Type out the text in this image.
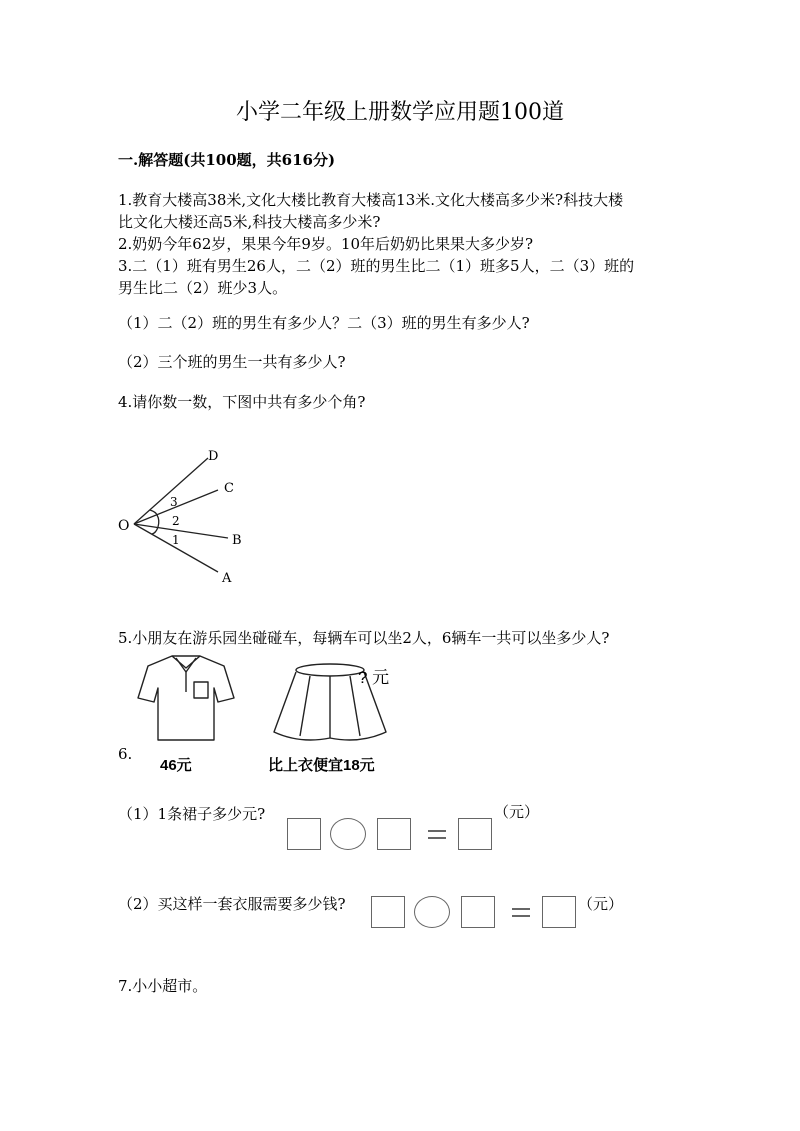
小学二年级上册数学应用题100道
一.解答题(共100题，共616分)
1.教育大楼高38米,文化大楼比教育大楼高13米.文化大楼高多少米?科技大楼
比文化大楼还高5米,科技大楼高多少米?
2.奶奶今年62岁，果果今年9岁。10年后奶奶比果果大多少岁?
3.二（1）班有男生26人，二（2）班的男生比二（1）班多5人，二（3）班的
男生比二（2）班少3人。
（1）二（2）班的男生有多少人？二（3）班的男生有多少人?
（2）三个班的男生一共有多少人?
4.请你数一数，下图中共有多少个角?
O
D
C
B
A
3
2
1
5.小朋友在游乐园坐碰碰车，每辆车可以坐2人，6辆车一共可以坐多少人?
6.
? 元
46元	比上衣便宜18元
（1）1条裙子多少元?	（元）
（2）买这样一套衣服需要多少钱?	（元）
7.小小超市。
